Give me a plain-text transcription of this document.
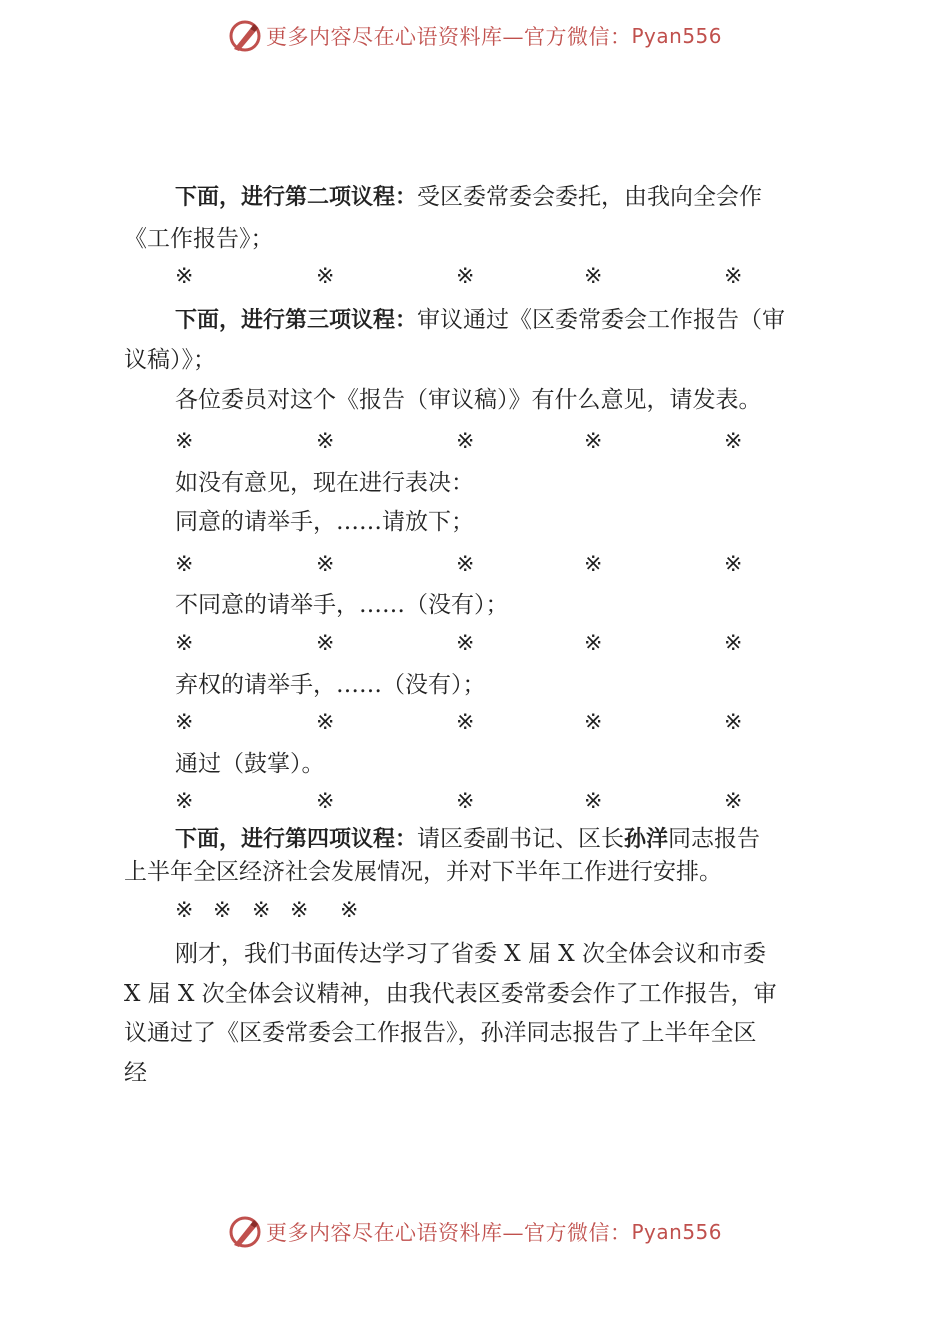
更多内容尽在心语资料库—官方微信： Pyan556
下面，进行第二项议程：受区委常委会委托，由我向全会作
《工作报告》；
※	※	※	※	※
下面，进行第三项议程：审议通过《区委常委会工作报告（审
议稿）》；
各位委员对这个《报告（审议稿）》有什么意见，请发表。
※	※	※	※	※
如没有意见，现在进行表决：
同意的请举手，……请放下；
※	※	※	※	※
不同意的请举手，……（没有）；
※	※	※	※	※
弃权的请举手，……（没有）；
※	※	※	※	※
通过（鼓掌）。
※	※	※	※	※
下面，进行第四项议程：请区委副书记、区长孙洋同志报告
上半年全区经济社会发展情况，并对下半年工作进行安排。
※ ※ ※ ※ ※
刚才，我们书面传达学习了省委 X 届 X 次全体会议和市委
X 届 X 次全体会议精神，由我代表区委常委会作了工作报告，审
议通过了《区委常委会工作报告》，孙洋同志报告了上半年全区
经
更多内容尽在心语资料库—官方微信： Pyan556
